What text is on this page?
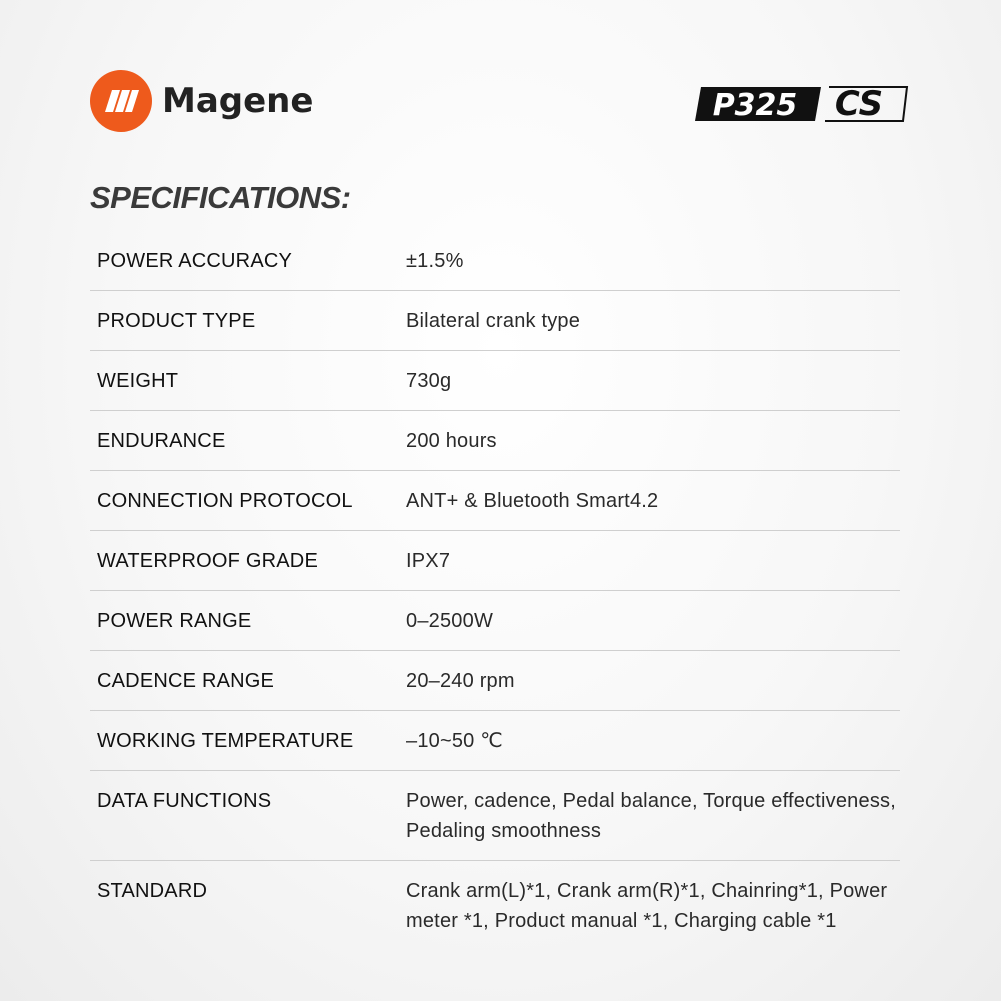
Magene	P325 CS
SPECIFICATIONS:
POWER ACCURACY	±1.5%
PRODUCT TYPE	Bilateral crank type
WEIGHT	730g
ENDURANCE	200 hours
CONNECTION PROTOCOL	ANT+ & Bluetooth Smart4.2
WATERPROOF GRADE	IPX7
POWER RANGE	0–2500W
CADENCE RANGE	20–240 rpm
WORKING TEMPERATURE	–10~50 ℃
DATA FUNCTIONS	Power, cadence, Pedal balance, Torque effectiveness, Pedaling smoothness
STANDARD	Crank arm(L)*1, Crank arm(R)*1, Chainring*1, Power meter *1, Product manual *1, Charging cable *1
